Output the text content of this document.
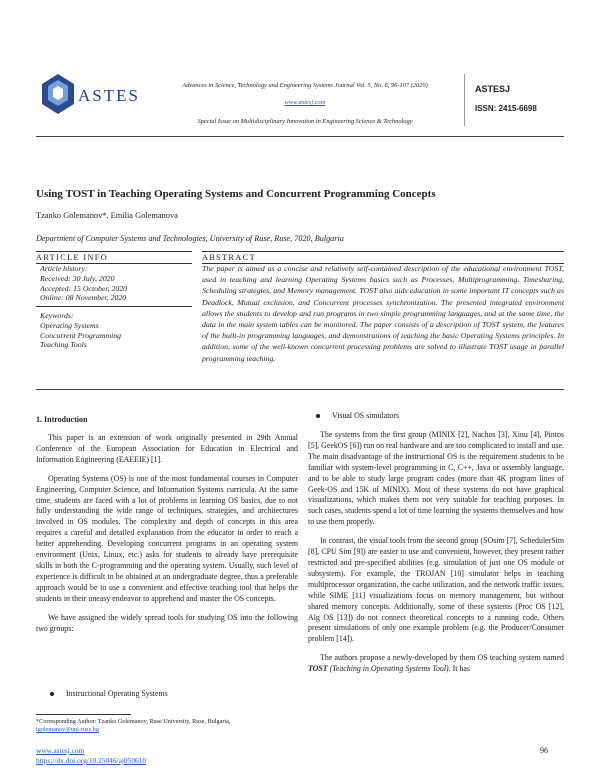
ASTES
Advances in Science, Technology and Engineering Systems Journal Vol. 5, No. 6, 96-107 (2020)
www.astesj.com
Special Issue on Multidisciplinary Innovation in Engineering Science & Technology
ASTESJ
ISSN: 2415-6698
Using TOST in Teaching Operating Systems and Concurrent Programming Concepts
Tzanko Golemanov*, Emilia Golemanova
Department of Computer Systems and Technologies, University of Ruse, Ruse, 7020, Bulgaria
ARTICLE INFO
Article history:
Received: 30 July, 2020
Accepted: 15 October, 2020
Online: 08 November, 2020
Keywords:
Operating Systems
Concurrent Programming
Teaching Tools
ABSTRACT
The paper is aimed as a concise and relatively self-contained description of the educational environment TOST, used in teaching and learning Operating Systems basics such as Processes, Multiprogramming, Timesharing, Scheduling strategies, and Memory management. TOST also aids education in some important IT concepts such as Deadlock, Mutual exclusion, and Concurrent processes synchronization. The presented integrated environment allows the students to develop and run programs in two simple programming languages, and at the same time, the data in the main system tables can be monitored. The paper consists of a description of TOST system, the features of the built-in programming languages, and demonstrations of teaching the basic Operating Systems principles. In addition, some of the well-known concurrent processing problems are solved to illustrate TOST usage in parallel programming teaching.
1. Introduction

This paper is an extension of work originally presented in 29th Annual Conference of the European Association for Education in Electrical and Information Engineering (EAEEIE) [1].

Operating Systems (OS) is one of the most fundamental courses in Computer Engineering, Computer Science, and Information Systems curricula. At the same time, students are faced with a lot of problems in learning OS basics, due to not fully understanding the wide range of techniques, strategies, and architectures involved in OS modules. The complexity and depth of concepts in this area requires a careful and detailed explanation from the educator in order to reach a better apprehending. Developing concurrent programs in an operating system environment (Unix, Linux, etc.) asks for students to already have prerequisite skills in both the C-programming and the operating system. Usually, such level of experience is difficult to be obtained at an undergraduate degree, thus a preferable approach would be to use a convenient and effective teaching tool that helps the students in their uneasy endeavor to apprehend and master the OS concepts.

We have assigned the widely spread tools for studying OS into the following two groups:

Instructional Operating Systems
*Corresponding Author: Tzanko Golemanov, Ruse University, Ruse, Bulgaria,
tgolemanov@uni-ruse.bg
Visual OS simulators

The systems from the first group (MINIX [2], Nachos [3], Xinu [4], Pintos [5], GeekOS [6]) run on real hardware and are too complicated to install and use. The main disadvantage of the instructional OS is the requirement students to be familiar with system-level programming in C, C++, Java or assembly language, and to be able to study large program codes (more than 4K program lines of Geek-OS and 15K of MINIX). Most of these systems do not have graphical visualizations, which makes them not very suitable for teaching purposes. In such cases, students spend a lot of time learning the systems themselves and how to use them properly.

In contrast, the visual tools from the second group (SOsim [7], SchedulerSim [8], CPU Sim [9]) are easier to use and convenient, however, they present rather restricted and pre-specified abilities (e.g. simulation of just one OS module or subsystem). For example, the TROJAN [10] simulator helps in teaching multiprocessor organization, the cache utilization, and the network traffic issues, while SIME [11] visualizations focus on memory management, but without shared memory concepts. Additionally, some of these systems (Proc OS [12], Alg OS [13]) do not connect theoretical concepts to a running code. Others present simulations of only one example problem (e.g. the Producer/Consumer problem [14]).

The authors propose a newly-developed by them OS teaching system named TOST (Teaching in Operating Systems Tool). It has

www.astesj.com
https://dx.doi.org/10.25046/aj050610
96
